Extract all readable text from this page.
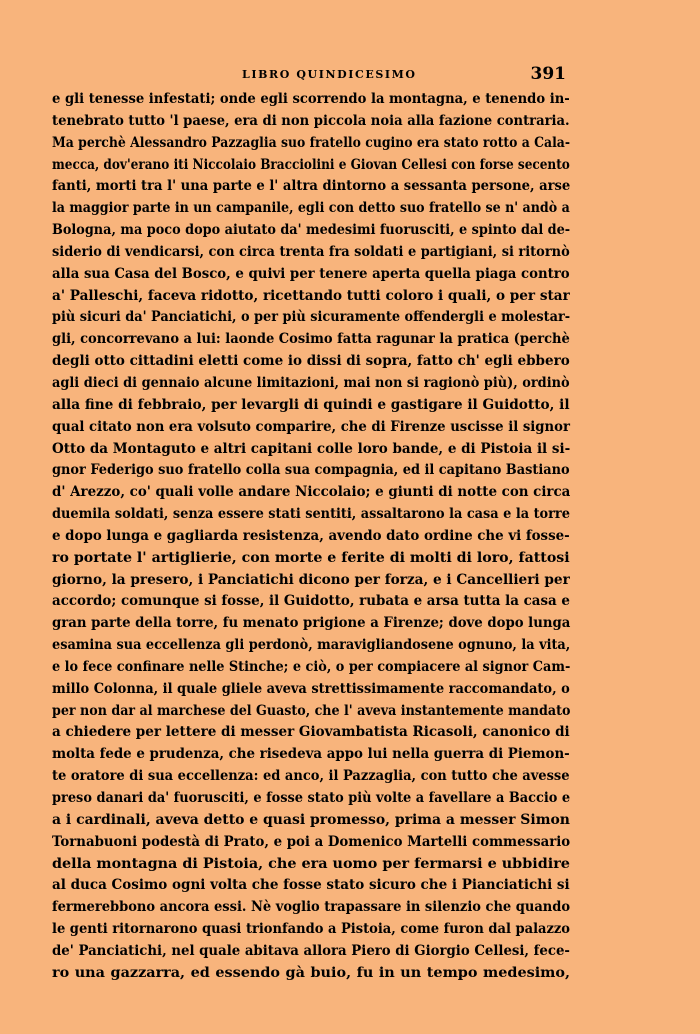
LIBRO QUINDICESIMO	391
e gli tenesse infestati; onde egli scorrendo la montagna, e tenendo in-
tenebrato tutto 'l paese, era di non piccola noia alla fazione contraria.
Ma perchè Alessandro Pazzaglia suo fratello cugino era stato rotto a Cala-
mecca, dov'erano iti Niccolaio Bracciolini e Giovan Cellesi con forse secento
fanti, morti tra l' una parte e l' altra dintorno a sessanta persone, arse
la maggior parte in un campanile, egli con detto suo fratello se n' andò a
Bologna, ma poco dopo aiutato da' medesimi fuorusciti, e spinto dal de-
siderio di vendicarsi, con circa trenta fra soldati e partigiani, si ritornò
alla sua Casa del Bosco, e quivi per tenere aperta quella piaga contro
a' Palleschi, faceva ridotto, ricettando tutti coloro i quali, o per star
più sicuri da' Panciatichi, o per più sicuramente offendergli e molestar-
gli, concorrevano a lui: laonde Cosimo fatta ragunar la pratica (perchè
degli otto cittadini eletti come io dissi di sopra, fatto ch' egli ebbero
agli dieci di gennaio alcune limitazioni, mai non si ragionò più), ordinò
alla fine di febbraio, per levargli di quindi e gastigare il Guidotto, il
qual citato non era volsuto comparire, che di Firenze uscisse il signor
Otto da Montaguto e altri capitani colle loro bande, e di Pistoia il si-
gnor Federigo suo fratello colla sua compagnia, ed il capitano Bastiano
d' Arezzo, co' quali volle andare Niccolaio; e giunti di notte con circa
duemila soldati, senza essere stati sentiti, assaltarono la casa e la torre
e dopo lunga e gagliarda resistenza, avendo dato ordine che vi fosse-
ro portate l' artiglierie, con morte e ferite di molti di loro, fattosi
giorno, la presero, i Panciatichi dicono per forza, e i Cancellieri per
accordo; comunque si fosse, il Guidotto, rubata e arsa tutta la casa e
gran parte della torre, fu menato prigione a Firenze; dove dopo lunga
esamina sua eccellenza gli perdonò, maravigliandosene ognuno, la vita,
e lo fece confinare nelle Stinche; e ciò, o per compiacere al signor Cam-
millo Colonna, il quale gliele aveva strettissimamente raccomandato, o
per non dar al marchese del Guasto, che l' aveva instantemente mandato
a chiedere per lettere di messer Giovambatista Ricasoli, canonico di
molta fede e prudenza, che risedeva appo lui nella guerra di Piemon-
te oratore di sua eccellenza: ed anco, il Pazzaglia, con tutto che avesse
preso danari da' fuorusciti, e fosse stato più volte a favellare a Baccio e
a i cardinali, aveva detto e quasi promesso, prima a messer Simon
Tornabuoni podestà di Prato, e poi a Domenico Martelli commessario
della montagna di Pistoia, che era uomo per fermarsi e ubbidire
al duca Cosimo ogni volta che fosse stato sicuro che i Pianciatichi si
fermerebbono ancora essi. Nè voglio trapassare in silenzio che quando
le genti ritornarono quasi trionfando a Pistoia, come furon dal palazzo
de' Panciatichi, nel quale abitava allora Piero di Giorgio Cellesi, fece-
ro una gazzarra, ed essendo gà buio, fu in un tempo medesimo,
